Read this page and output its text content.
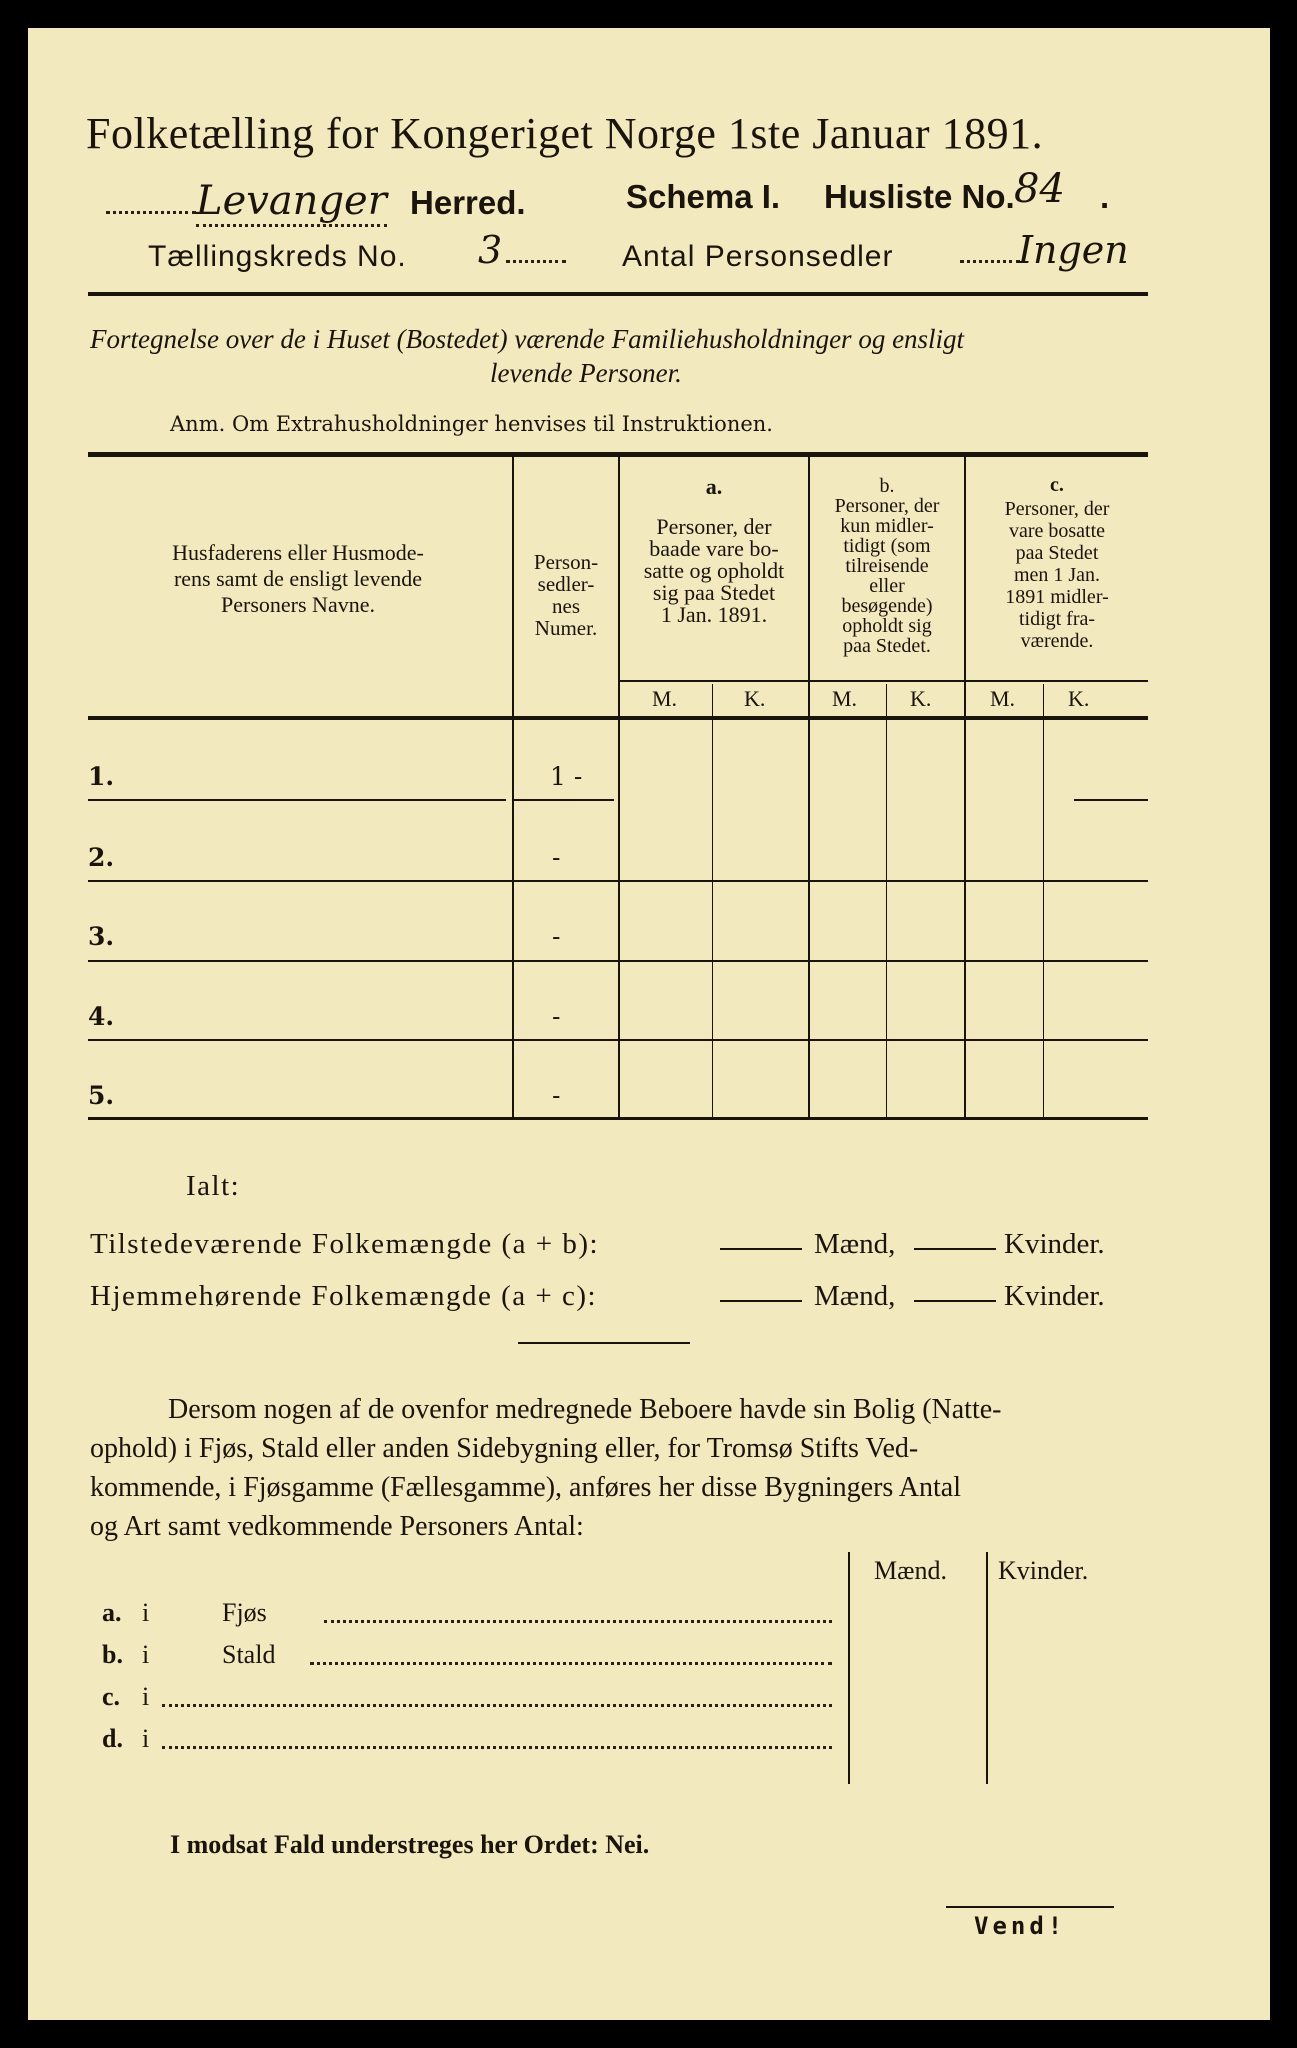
Folketælling for Kongeriget Norge 1ste Januar 1891.
Levanger Herred.	Schema I. Husliste No. 84 .
Tællingskreds No. 3	Antal Personsedler	Ingen
Fortegnelse over de i Huset (Bostedet) værende Familiehusholdninger og ensligt
levende Personer.
Anm. Om Extrahusholdninger henvises til Instruktionen.
Husfaderens eller Husmode-
rens samt de ensligt levende
Personers Navne.
Person-
sedler-
nes
Numer.
a.
Personer, der
baade vare bo-
satte og opholdt
sig paa Stedet
1 Jan. 1891.
b.
Personer, der
kun midler-
tidigt (som
tilreisende
eller
besøgende)
opholdt sig
paa Stedet.
c.
Personer, der
vare bosatte
paa Stedet
men 1 Jan.
1891 midler-
tidigt fra-
værende.
M.	K.	M. K.	M. K.
1.	1 -
2.	-
3.	-
4.	-
5.	-
Ialt:
Tilstedeværende Folkemængde (a + b):	Mænd,	Kvinder.
Hjemmehørende Folkemængde (a + c):	Mænd,	Kvinder.
Dersom nogen af de ovenfor medregnede Beboere havde sin Bolig (Natte-
ophold) i Fjøs, Stald eller anden Sidebygning eller, for Tromsø Stifts Ved-
kommende, i Fjøsgamme (Fællesgamme), anføres her disse Bygningers Antal
og Art samt vedkommende Personers Antal:
Mænd. Kvinder.
a. i	Fjøs
b. i	Stald
c. i
d. i
I modsat Fald understreges her Ordet: Nei.
Vend!
